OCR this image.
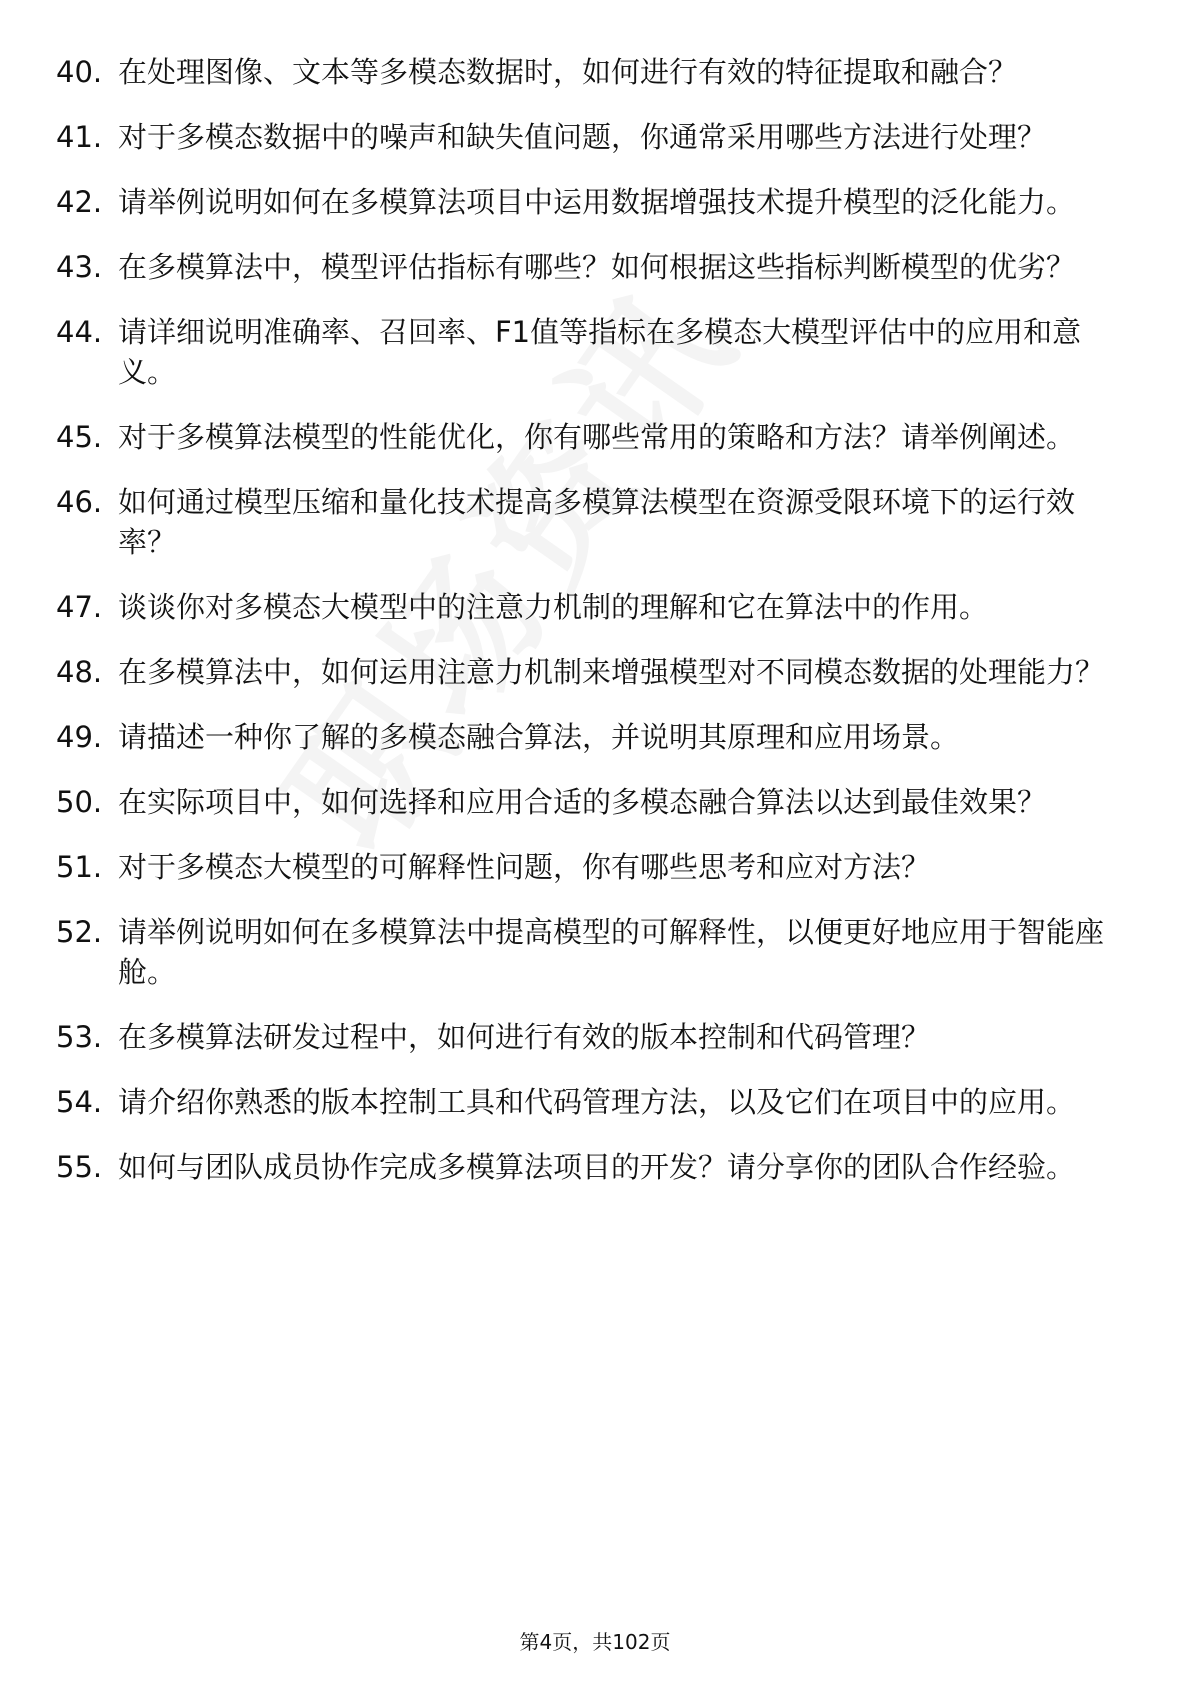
40. 在处理图像、文本等多模态数据时，如何进行有效的特征提取和融合？
41. 对于多模态数据中的噪声和缺失值问题，你通常采用哪些方法进行处理？
42. 请举例说明如何在多模算法项目中运用数据增强技术提升模型的泛化能力。
43. 在多模算法中，模型评估指标有哪些？如何根据这些指标判断模型的优劣？
44. 请详细说明准确率、召回率、F1值等指标在多模态大模型评估中的应用和意义。
45. 对于多模算法模型的性能优化，你有哪些常用的策略和方法？请举例阐述。
46. 如何通过模型压缩和量化技术提高多模算法模型在资源受限环境下的运行效率？
47. 谈谈你对多模态大模型中的注意力机制的理解和它在算法中的作用。
48. 在多模算法中，如何运用注意力机制来增强模型对不同模态数据的处理能力？
49. 请描述一种你了解的多模态融合算法，并说明其原理和应用场景。
50. 在实际项目中，如何选择和应用合适的多模态融合算法以达到最佳效果？
51. 对于多模态大模型的可解释性问题，你有哪些思考和应对方法？
52. 请举例说明如何在多模算法中提高模型的可解释性，以便更好地应用于智能座舱。
53. 在多模算法研发过程中，如何进行有效的版本控制和代码管理？
54. 请介绍你熟悉的版本控制工具和代码管理方法，以及它们在项目中的应用。
55. 如何与团队成员协作完成多模算法项目的开发？请分享你的团队合作经验。
第4页，共102页
